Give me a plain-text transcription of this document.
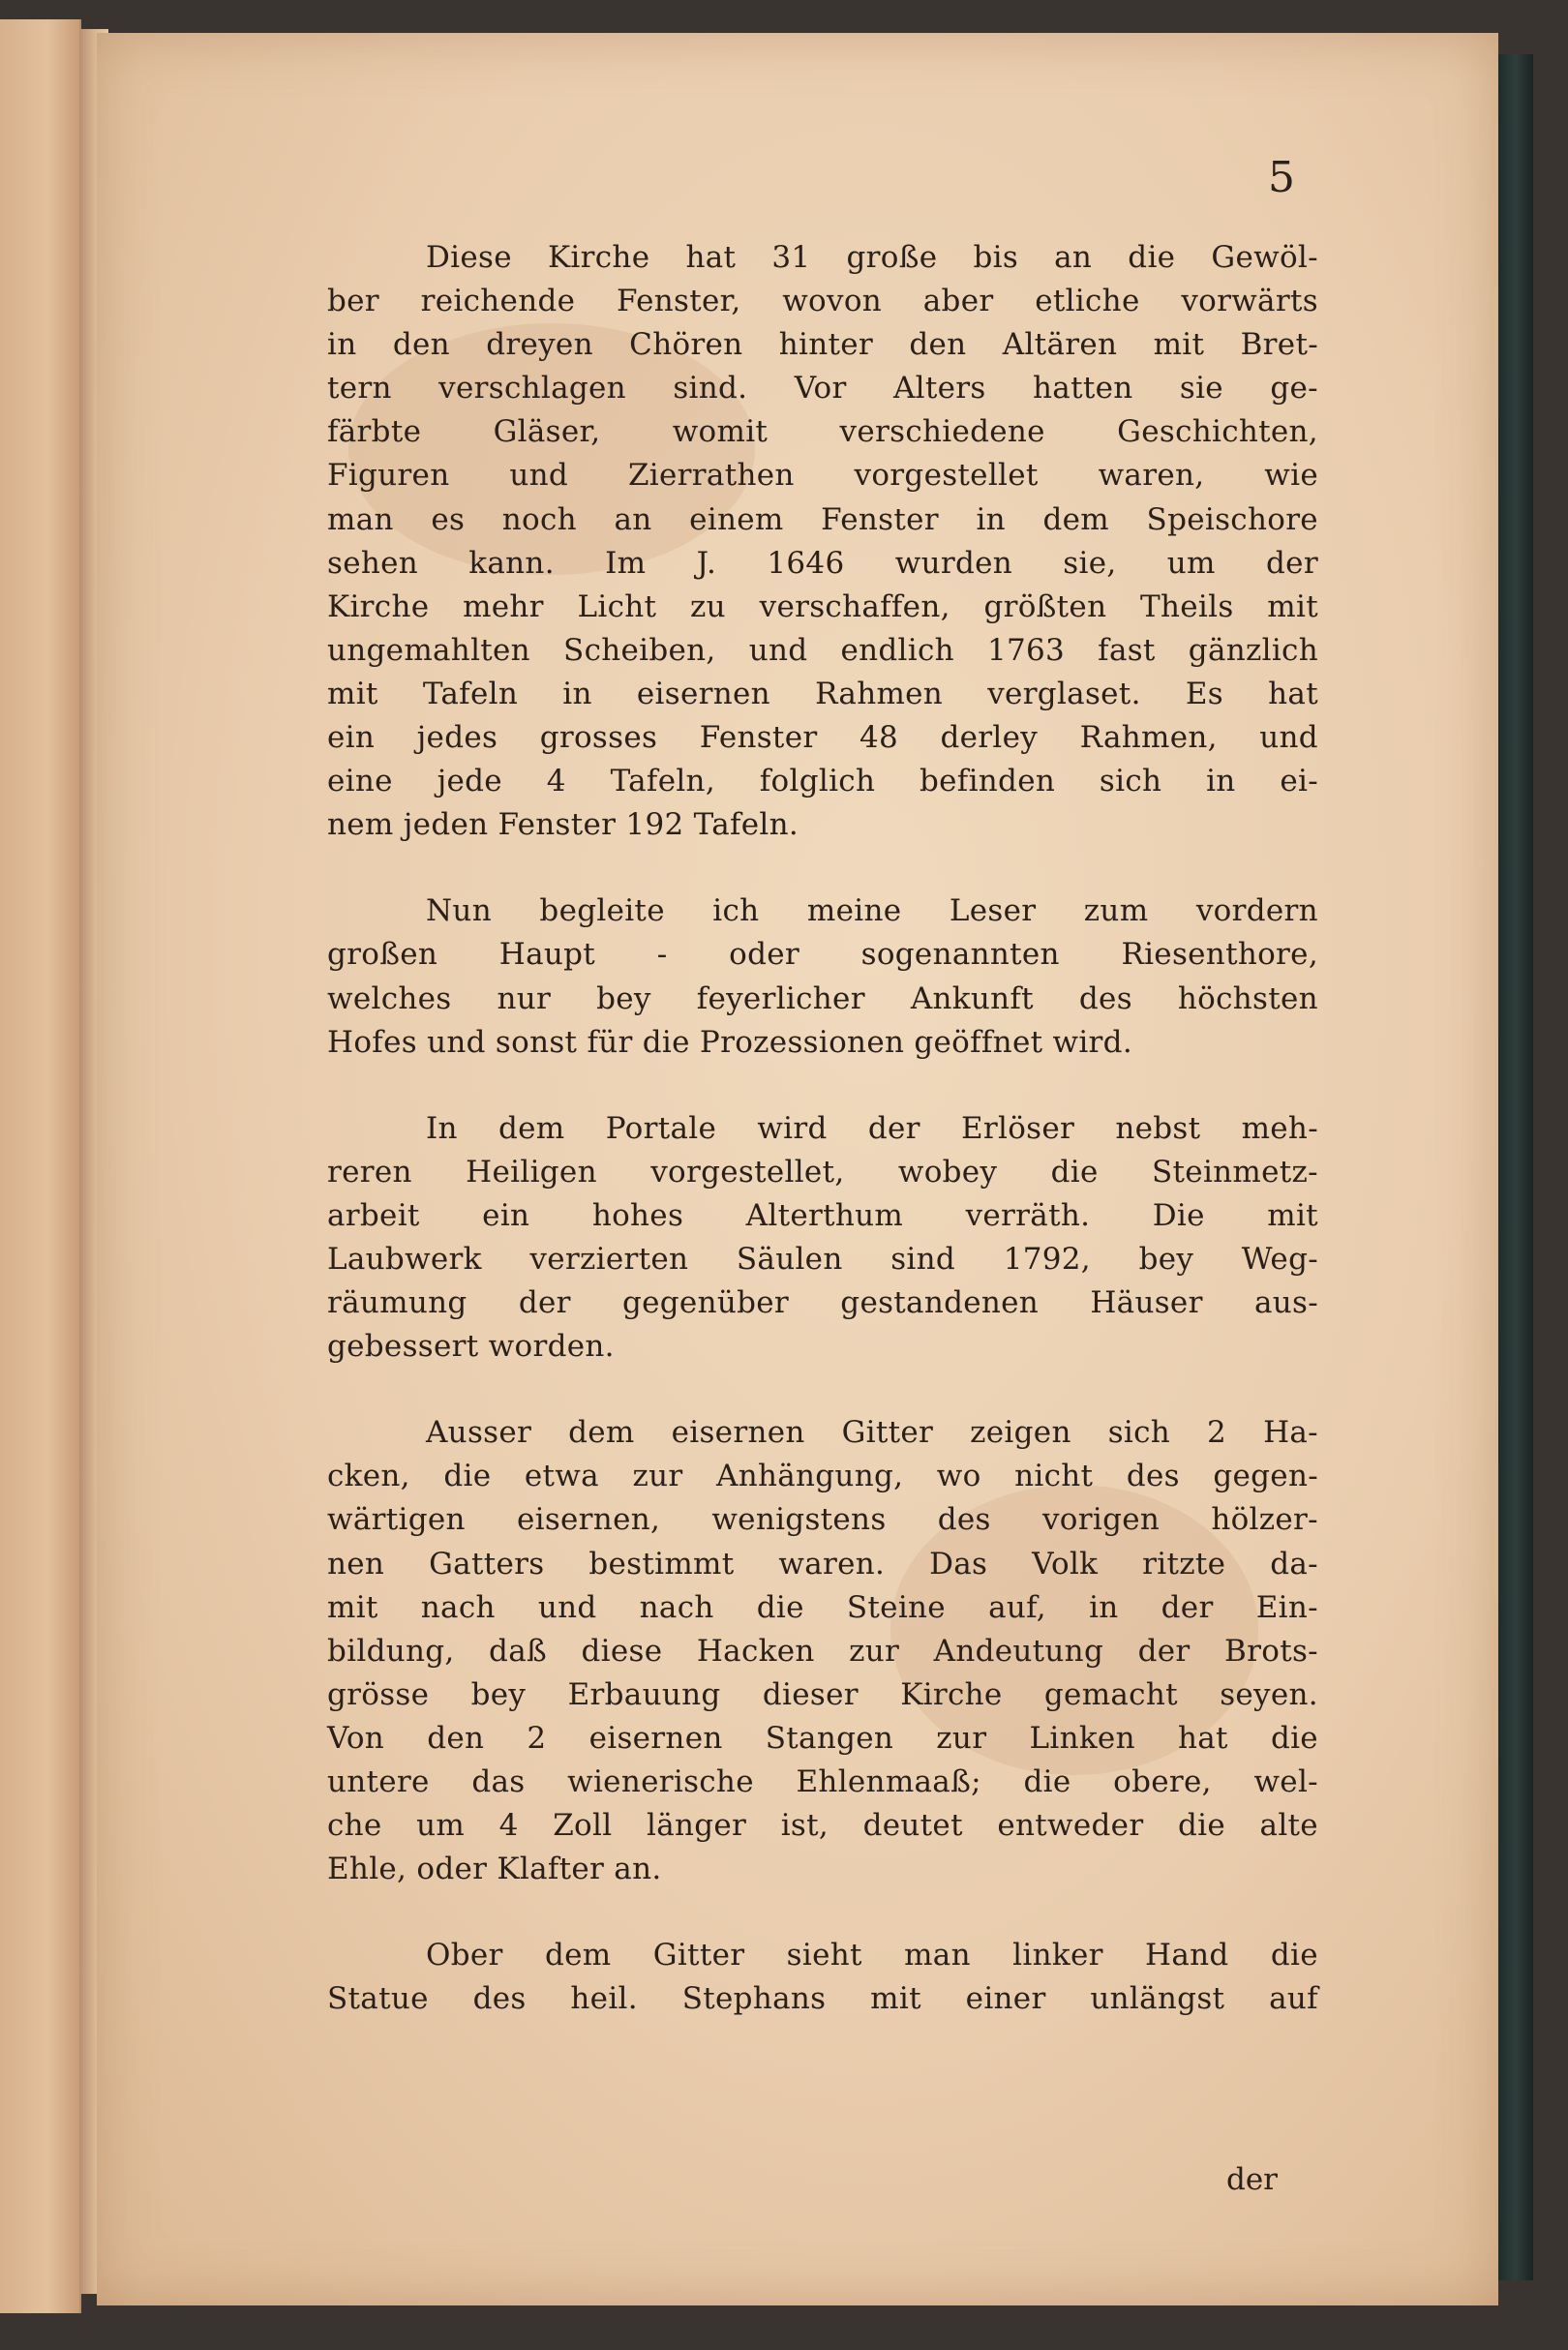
5
Diese Kirche hat 31 große bis an die Gewöl-
ber reichende Fenster, wovon aber etliche vorwärts
in den dreyen Chören hinter den Altären mit Bret-
tern verschlagen sind. Vor Alters hatten sie ge-
färbte Gläser, womit verschiedene Geschichten,
Figuren und Zierrathen vorgestellet waren, wie
man es noch an einem Fenster in dem Speischore
sehen kann. Im J. 1646 wurden sie, um der
Kirche mehr Licht zu verschaffen, größten Theils mit
ungemahlten Scheiben, und endlich 1763 fast gänzlich
mit Tafeln in eisernen Rahmen verglaset. Es hat
ein jedes grosses Fenster 48 derley Rahmen, und
eine jede 4 Tafeln, folglich befinden sich in ei-
nem jeden Fenster 192 Tafeln.
Nun begleite ich meine Leser zum vordern
großen Haupt - oder sogenannten Riesenthore,
welches nur bey feyerlicher Ankunft des höchsten
Hofes und sonst für die Prozessionen geöffnet wird.
In dem Portale wird der Erlöser nebst meh-
reren Heiligen vorgestellet, wobey die Steinmetz-
arbeit ein hohes Alterthum verräth. Die mit
Laubwerk verzierten Säulen sind 1792, bey Weg-
räumung der gegenüber gestandenen Häuser aus-
gebessert worden.
Ausser dem eisernen Gitter zeigen sich 2 Ha-
cken, die etwa zur Anhängung, wo nicht des gegen-
wärtigen eisernen, wenigstens des vorigen hölzer-
nen Gatters bestimmt waren. Das Volk ritzte da-
mit nach und nach die Steine auf, in der Ein-
bildung, daß diese Hacken zur Andeutung der Brots-
grösse bey Erbauung dieser Kirche gemacht seyen.
Von den 2 eisernen Stangen zur Linken hat die
untere das wienerische Ehlenmaaß; die obere, wel-
che um 4 Zoll länger ist, deutet entweder die alte
Ehle, oder Klafter an.
Ober dem Gitter sieht man linker Hand die
Statue des heil. Stephans mit einer unlängst auf
der
